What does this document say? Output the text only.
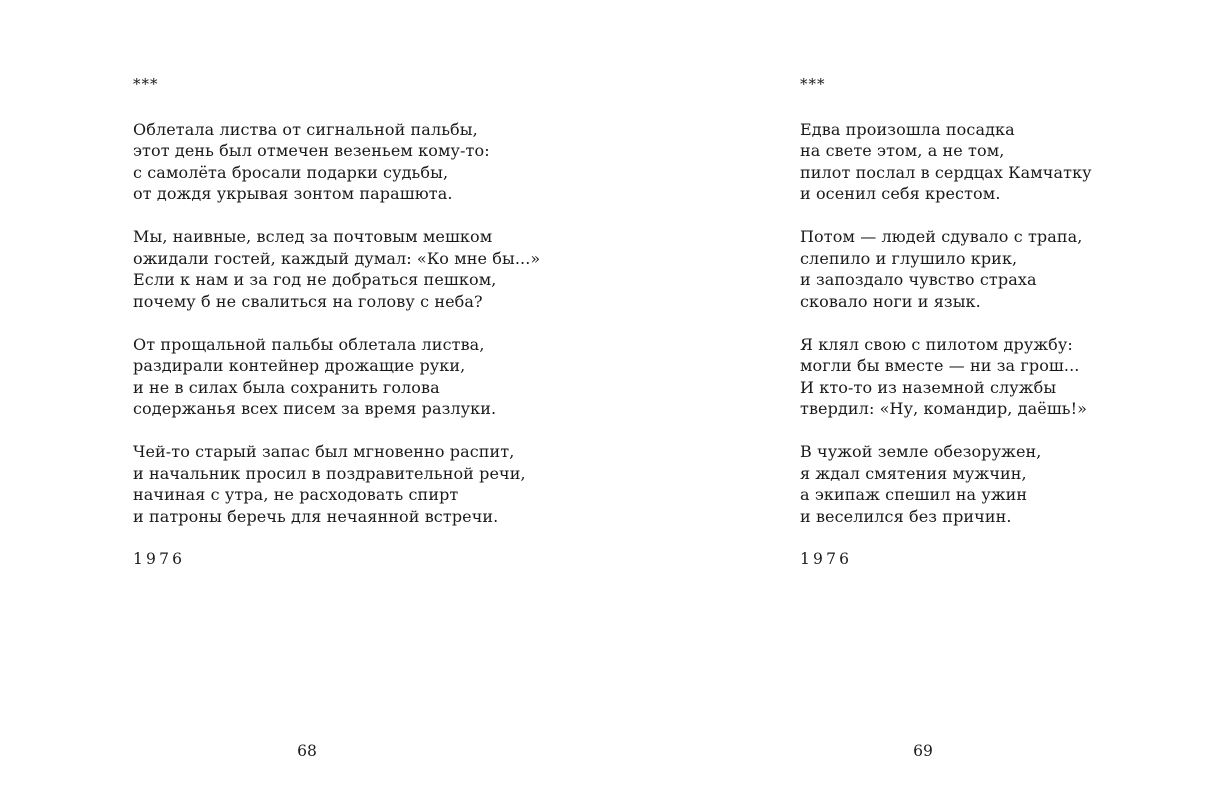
***
Облетала листва от сигнальной пальбы,
этот день был отмечен везеньем кому-то:
с самолёта бросали подарки судьбы,
от дождя укрывая зонтом парашюта.
Мы, наивные, вслед за почтовым мешком
ожидали гостей, каждый думал: «Ко мне бы...»
Если к нам и за год не добраться пешком,
почему б не свалиться на голову с неба?
От прощальной пальбы облетала листва,
раздирали контейнер дрожащие руки,
и не в силах была сохранить голова
содержанья всех писем за время разлуки.
Чей-то старый запас был мгновенно распит,
и начальник просил в поздравительной речи,
начиная с утра, не расходовать спирт
и патроны беречь для нечаянной встречи.
1976
68
***
Едва произошла посадка
на свете этом, а не том,
пилот послал в сердцах Камчатку
и осенил себя крестом.
Потом — людей сдувало с трапа,
слепило и глушило крик,
и запоздало чувство страха
сковало ноги и язык.
Я клял свою с пилотом дружбу:
могли бы вместе — ни за грош...
И кто-то из наземной службы
твердил: «Ну, командир, даёшь!»
В чужой земле обезоружен,
я ждал смятения мужчин,
а экипаж спешил на ужин
и веселился без причин.
1976
69
